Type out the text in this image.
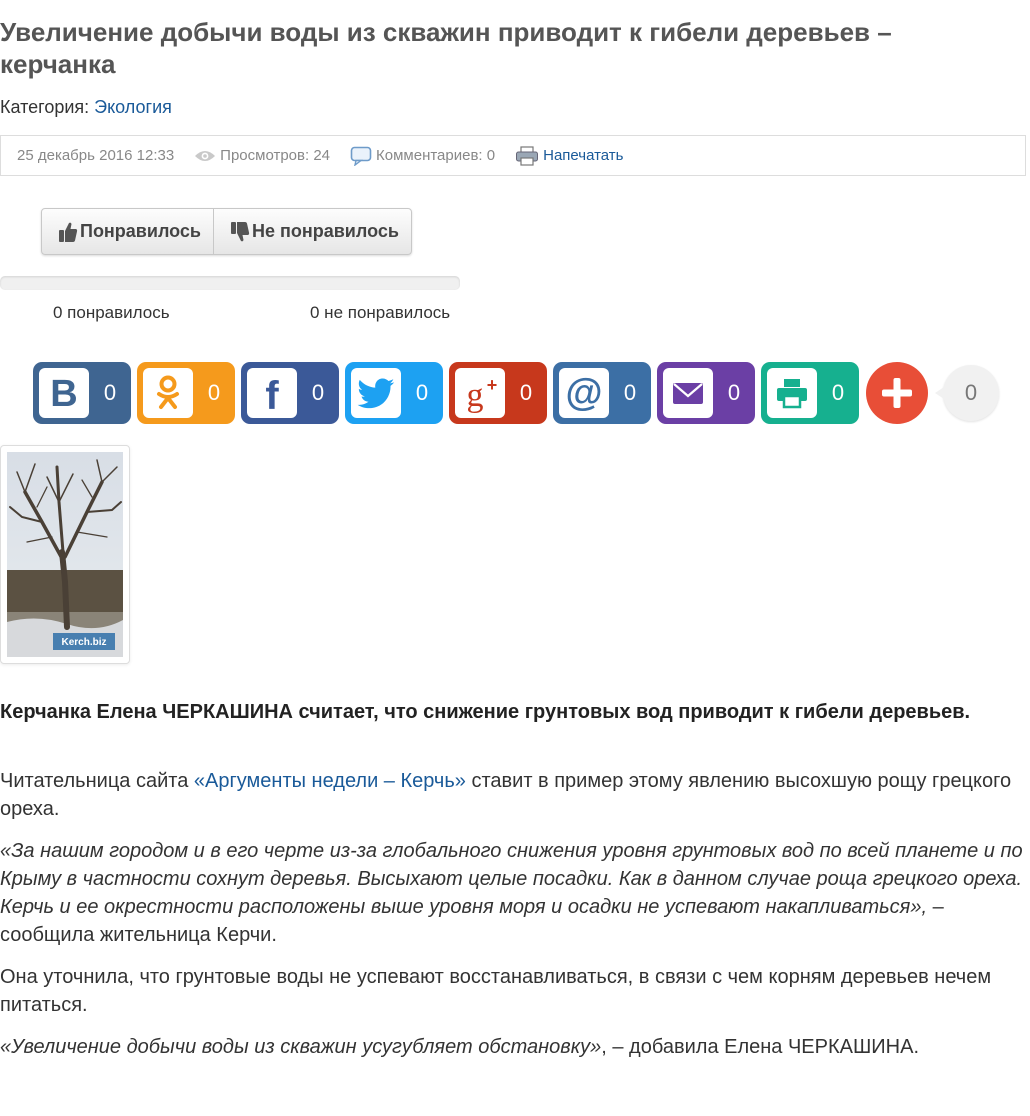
Увеличение добычи воды из скважин приводит к гибели деревьев – керчанка
Категория: Экология
25 декабрь 2016 12:33	Просмотров: 24	Комментариев: 0	Напечатать
Понравилось	Не понравилось
0 понравилось	0 не понравилось
B	0	0	f	0	0	g +	0 @ 0	0	0	0
Kerch.biz

Керчанка Елена ЧЕРКАШИНА считает, что снижение грунтовых вод приводит к гибели деревьев.

Читательница сайта «Аргументы недели – Керчь» ставит в пример этому явлению высохшую рощу грецкого ореха.

«За нашим городом и в его черте из-за глобального снижения уровня грунтовых вод по всей планете и по Крыму в частности сохнут деревья. Высыхают целые посадки. Как в данном случае роща грецкого ореха. Керчь и ее окрестности расположены выше уровня моря и осадки не успевают накапливаться», – сообщила жительница Керчи.

Она уточнила, что грунтовые воды не успевают восстанавливаться, в связи с чем корням деревьев нечем питаться.

«Увеличение добычи воды из скважин усугубляет обстановку», – добавила Елена ЧЕРКАШИНА.
